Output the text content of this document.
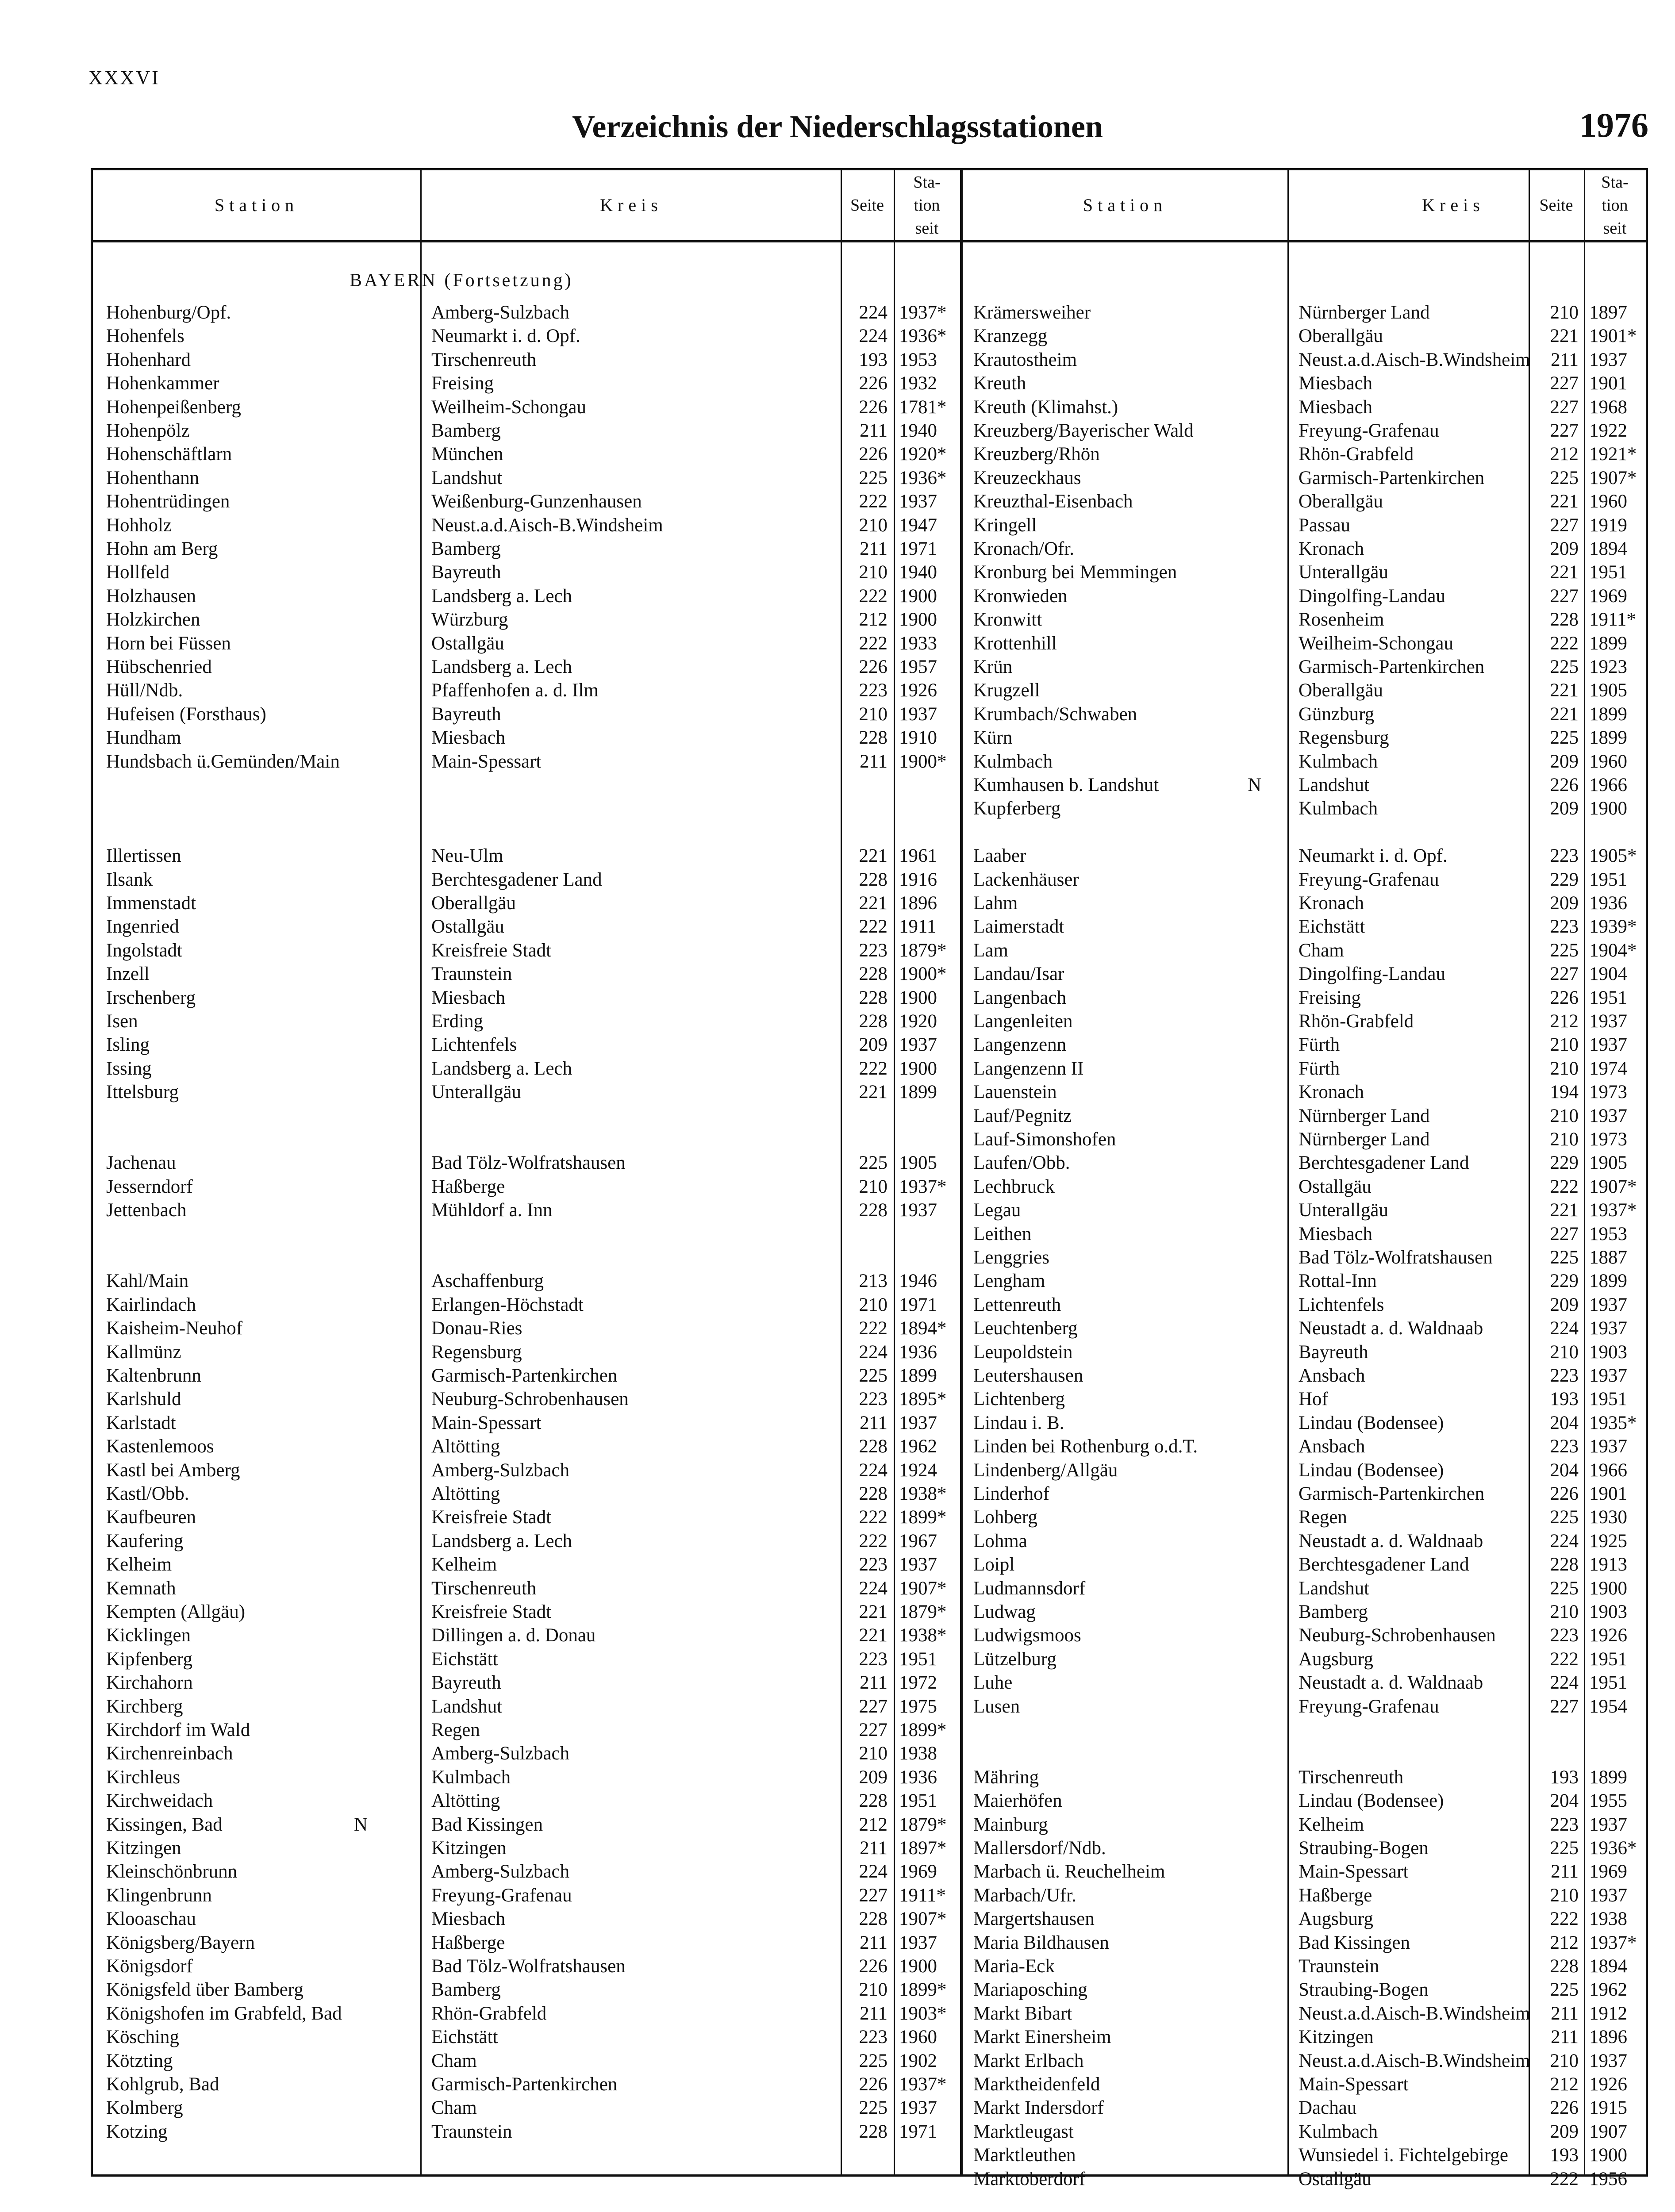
XXXVI
Verzeichnis der Niederschlagsstationen	1976
Station	Kreis	Seite
Sta-
tion
seit
Station	Kreis	Seite
Sta-
tion
seit
BAYERN (Fortsetzung)
Hohenburg/Opf.	Amberg-Sulzbach	224 1937*
Hohenfels	Neumarkt i. d. Opf.	224 1936*
Hohenhard	Tirschenreuth	193 1953
Hohenkammer	Freising	226 1932
Hohenpeißenberg	Weilheim-Schongau	226 1781*
Hohenpölz	Bamberg	211 1940
Hohenschäftlarn	München	226 1920*
Hohenthann	Landshut	225 1936*
Hohentrüdingen	Weißenburg-Gunzenhausen	222 1937
Hohholz	Neust.a.d.Aisch-B.Windsheim	210 1947
Hohn am Berg	Bamberg	211 1971
Hollfeld	Bayreuth	210 1940
Holzhausen	Landsberg a. Lech	222 1900
Holzkirchen	Würzburg	212 1900
Horn bei Füssen	Ostallgäu	222 1933
Hübschenried	Landsberg a. Lech	226 1957
Hüll/Ndb.	Pfaffenhofen a. d. Ilm	223 1926
Hufeisen (Forsthaus)	Bayreuth	210 1937
Hundham	Miesbach	228 1910
Hundsbach ü.Gemünden/Main	Main-Spessart	211 1900*
Illertissen	Neu-Ulm	221 1961
Ilsank	Berchtesgadener Land	228 1916
Immenstadt	Oberallgäu	221 1896
Ingenried	Ostallgäu	222 1911
Ingolstadt	Kreisfreie Stadt	223 1879*
Inzell	Traunstein	228 1900*
Irschenberg	Miesbach	228 1900
Isen	Erding	228 1920
Isling	Lichtenfels	209 1937
Issing	Landsberg a. Lech	222 1900
Ittelsburg	Unterallgäu	221 1899
Jachenau	Bad Tölz-Wolfratshausen	225 1905
Jesserndorf	Haßberge	210 1937*
Jettenbach	Mühldorf a. Inn	228 1937
Kahl/Main	Aschaffenburg	213 1946
Kairlindach	Erlangen-Höchstadt	210 1971
Kaisheim-Neuhof	Donau-Ries	222 1894*
Kallmünz	Regensburg	224 1936
Kaltenbrunn	Garmisch-Partenkirchen	225 1899
Karlshuld	Neuburg-Schrobenhausen	223 1895*
Karlstadt	Main-Spessart	211 1937
Kastenlemoos	Altötting	228 1962
Kastl bei Amberg	Amberg-Sulzbach	224 1924
Kastl/Obb.	Altötting	228 1938*
Kaufbeuren	Kreisfreie Stadt	222 1899*
Kaufering	Landsberg a. Lech	222 1967
Kelheim	Kelheim	223 1937
Kemnath	Tirschenreuth	224 1907*
Kempten (Allgäu)	Kreisfreie Stadt	221 1879*
Kicklingen	Dillingen a. d. Donau	221 1938*
Kipfenberg	Eichstätt	223 1951
Kirchahorn	Bayreuth	211 1972
Kirchberg	Landshut	227 1975
Kirchdorf im Wald	Regen	227 1899*
Kirchenreinbach	Amberg-Sulzbach	210 1938
Kirchleus	Kulmbach	209 1936
Kirchweidach	Altötting	228 1951
Kissingen, Bad	N	Bad Kissingen	212 1879*
Kitzingen	Kitzingen	211 1897*
Kleinschönbrunn	Amberg-Sulzbach	224 1969
Klingenbrunn	Freyung-Grafenau	227 1911*
Klooaschau	Miesbach	228 1907*
Königsberg/Bayern	Haßberge	211 1937
Königsdorf	Bad Tölz-Wolfratshausen	226 1900
Königsfeld über Bamberg	Bamberg	210 1899*
Königshofen im Grabfeld, Bad	Rhön-Grabfeld	211 1903*
Kösching	Eichstätt	223 1960
Kötzting	Cham	225 1902
Kohlgrub, Bad	Garmisch-Partenkirchen	226 1937*
Kolmberg	Cham	225 1937
Kotzing	Traunstein	228 1971
Krämersweiher	Nürnberger Land	210 1897
Kranzegg	Oberallgäu	221 1901*
Krautostheim	Neust.a.d.Aisch-B.Windsheim	211 1937
Kreuth	Miesbach	227 1901
Kreuth (Klimahst.)	Miesbach	227 1968
Kreuzberg/Bayerischer Wald	Freyung-Grafenau	227 1922
Kreuzberg/Rhön	Rhön-Grabfeld	212 1921*
Kreuzeckhaus	Garmisch-Partenkirchen	225 1907*
Kreuzthal-Eisenbach	Oberallgäu	221 1960
Kringell	Passau	227 1919
Kronach/Ofr.	Kronach	209 1894
Kronburg bei Memmingen	Unterallgäu	221 1951
Kronwieden	Dingolfing-Landau	227 1969
Kronwitt	Rosenheim	228 1911*
Krottenhill	Weilheim-Schongau	222 1899
Krün	Garmisch-Partenkirchen	225 1923
Krugzell	Oberallgäu	221 1905
Krumbach/Schwaben	Günzburg	221 1899
Kürn	Regensburg	225 1899
Kulmbach	Kulmbach	209 1960
Kumhausen b. Landshut	N Landshut	226 1966
Kupferberg	Kulmbach	209 1900
Laaber	Neumarkt i. d. Opf.	223 1905*
Lackenhäuser	Freyung-Grafenau	229 1951
Lahm	Kronach	209 1936
Laimerstadt	Eichstätt	223 1939*
Lam	Cham	225 1904*
Landau/Isar	Dingolfing-Landau	227 1904
Langenbach	Freising	226 1951
Langenleiten	Rhön-Grabfeld	212 1937
Langenzenn	Fürth	210 1937
Langenzenn II	Fürth	210 1974
Lauenstein	Kronach	194 1973
Lauf/Pegnitz	Nürnberger Land	210 1937
Lauf-Simonshofen	Nürnberger Land	210 1973
Laufen/Obb.	Berchtesgadener Land	229 1905
Lechbruck	Ostallgäu	222 1907*
Legau	Unterallgäu	221 1937*
Leithen	Miesbach	227 1953
Lenggries	Bad Tölz-Wolfratshausen	225 1887
Lengham	Rottal-Inn	229 1899
Lettenreuth	Lichtenfels	209 1937
Leuchtenberg	Neustadt a. d. Waldnaab	224 1937
Leupoldstein	Bayreuth	210 1903
Leutershausen	Ansbach	223 1937
Lichtenberg	Hof	193 1951
Lindau i. B.	Lindau (Bodensee)	204 1935*
Linden bei Rothenburg o.d.T.	Ansbach	223 1937
Lindenberg/Allgäu	Lindau (Bodensee)	204 1966
Linderhof	Garmisch-Partenkirchen	226 1901
Lohberg	Regen	225 1930
Lohma	Neustadt a. d. Waldnaab	224 1925
Loipl	Berchtesgadener Land	228 1913
Ludmannsdorf	Landshut	225 1900
Ludwag	Bamberg	210 1903
Ludwigsmoos	Neuburg-Schrobenhausen	223 1926
Lützelburg	Augsburg	222 1951
Luhe	Neustadt a. d. Waldnaab	224 1951
Lusen	Freyung-Grafenau	227 1954
Mähring	Tirschenreuth	193 1899
Maierhöfen	Lindau (Bodensee)	204 1955
Mainburg	Kelheim	223 1937
Mallersdorf/Ndb.	Straubing-Bogen	225 1936*
Marbach ü. Reuchelheim	Main-Spessart	211 1969
Marbach/Ufr.	Haßberge	210 1937
Margertshausen	Augsburg	222 1938
Maria Bildhausen	Bad Kissingen	212 1937*
Maria-Eck	Traunstein	228 1894
Mariaposching	Straubing-Bogen	225 1962
Markt Bibart	Neust.a.d.Aisch-B.Windsheim	211 1912
Markt Einersheim	Kitzingen	211 1896
Markt Erlbach	Neust.a.d.Aisch-B.Windsheim	210 1937
Marktheidenfeld	Main-Spessart	212 1926
Markt Indersdorf	Dachau	226 1915
Marktleugast	Kulmbach	209 1907
Marktleuthen	Wunsiedel i. Fichtelgebirge	193 1900
Marktoberdorf	Ostallgäu	222 1956
